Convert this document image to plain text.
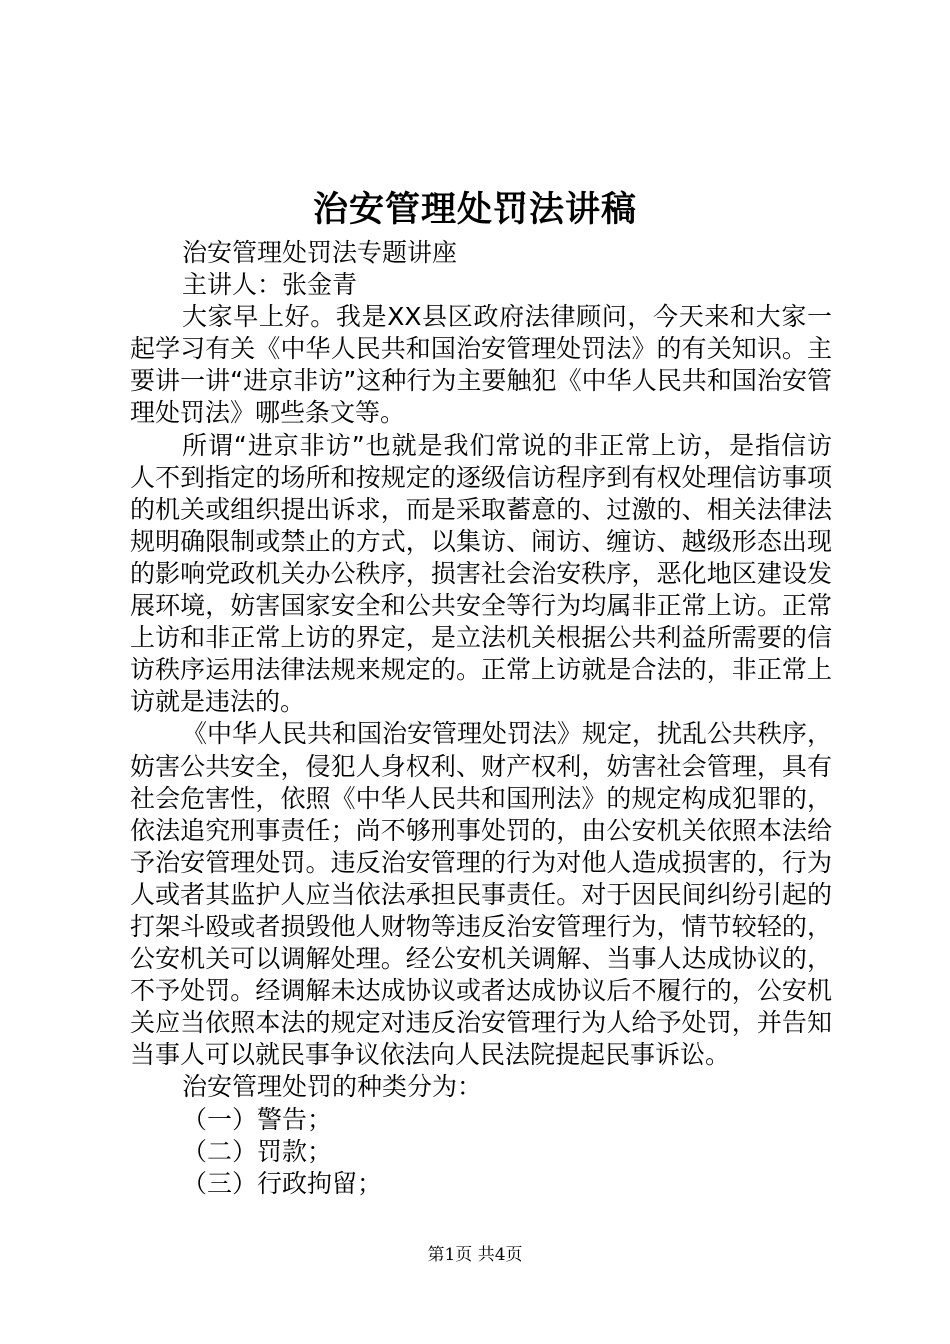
治安管理处罚法讲稿

治安管理处罚法专题讲座

主讲人：张金青

大家早上好。我是XX县区政府法律顾问，今天来和大家一起学习有关《中华人民共和国治安管理处罚法》的有关知识。主要讲一讲“进京非访”这种行为主要触犯《中华人民共和国治安管理处罚法》哪些条文等。

所谓“进京非访”也就是我们常说的非正常上访，是指信访人不到指定的场所和按规定的逐级信访程序到有权处理信访事项的机关或组织提出诉求，而是采取蓄意的、过激的、相关法律法规明确限制或禁止的方式，以集访、闹访、缠访、越级形态出现的影响党政机关办公秩序，损害社会治安秩序，恶化地区建设发展环境，妨害国家安全和公共安全等行为均属非正常上访。正常上访和非正常上访的界定，是立法机关根据公共利益所需要的信访秩序运用法律法规来规定的。正常上访就是合法的，非正常上访就是违法的。

《中华人民共和国治安管理处罚法》规定，扰乱公共秩序，妨害公共安全，侵犯人身权利、财产权利，妨害社会管理，具有社会危害性，依照《中华人民共和国刑法》的规定构成犯罪的，依法追究刑事责任；尚不够刑事处罚的，由公安机关依照本法给予治安管理处罚。违反治安管理的行为对他人造成损害的，行为人或者其监护人应当依法承担民事责任。对于因民间纠纷引起的打架斗殴或者损毁他人财物等违反治安管理行为，情节较轻的，公安机关可以调解处理。经公安机关调解、当事人达成协议的，不予处罚。经调解未达成协议或者达成协议后不履行的，公安机关应当依照本法的规定对违反治安管理行为人给予处罚，并告知当事人可以就民事争议依法向人民法院提起民事诉讼。

治安管理处罚的种类分为：

（一）警告；

（二）罚款；

（三）行政拘留；

第1页 共4页
